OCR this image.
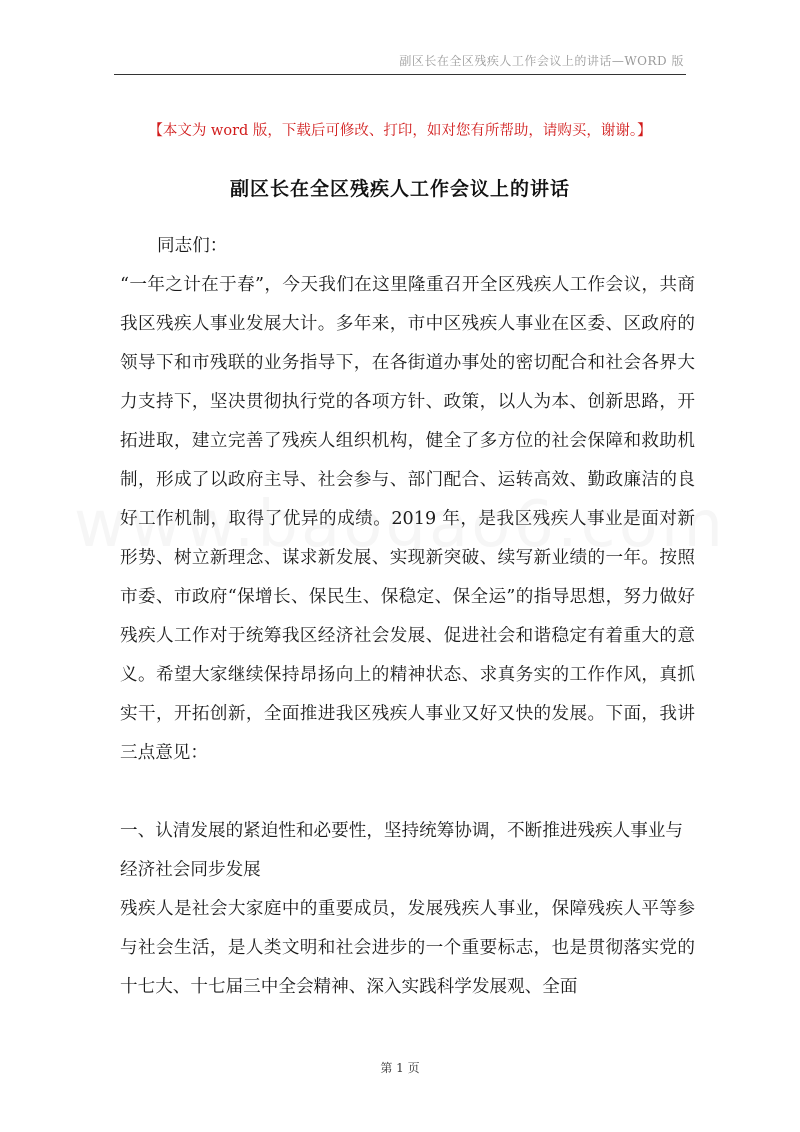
副区长在全区残疾人工作会议上的讲话—WORD 版
【本文为 word 版，下载后可修改、打印，如对您有所帮助，请购买，谢谢。】
副区长在全区残疾人工作会议上的讲话
同志们：
“一年之计在于春”，今天我们在这里隆重召开全区残疾人工作会议，共商我区残疾人事业发展大计。多年来，市中区残疾人事业在区委、区政府的领导下和市残联的业务指导下，在各街道办事处的密切配合和社会各界大力支持下，坚决贯彻执行党的各项方针、政策，以人为本、创新思路，开拓进取，建立完善了残疾人组织机构，健全了多方位的社会保障和救助机制，形成了以政府主导、社会参与、部门配合、运转高效、勤政廉洁的良好工作机制，取得了优异的成绩。2019 年，是我区残疾人事业是面对新形势、树立新理念、谋求新发展、实现新突破、续写新业绩的一年。按照市委、市政府“保增长、保民生、保稳定、保全运”的指导思想，努力做好残疾人工作对于统筹我区经济社会发展、促进社会和谐稳定有着重大的意义。希望大家继续保持昂扬向上的精神状态、求真务实的工作作风，真抓实干，开拓创新，全面推进我区残疾人事业又好又快的发展。下面，我讲三点意见：
一、认清发展的紧迫性和必要性，坚持统筹协调，不断推进残疾人事业与经济社会同步发展
残疾人是社会大家庭中的重要成员，发展残疾人事业，保障残疾人平等参与社会生活，是人类文明和社会进步的一个重要标志，也是贯彻落实党的十七大、十七届三中全会精神、深入实践科学发展观、全面
第 1 页
